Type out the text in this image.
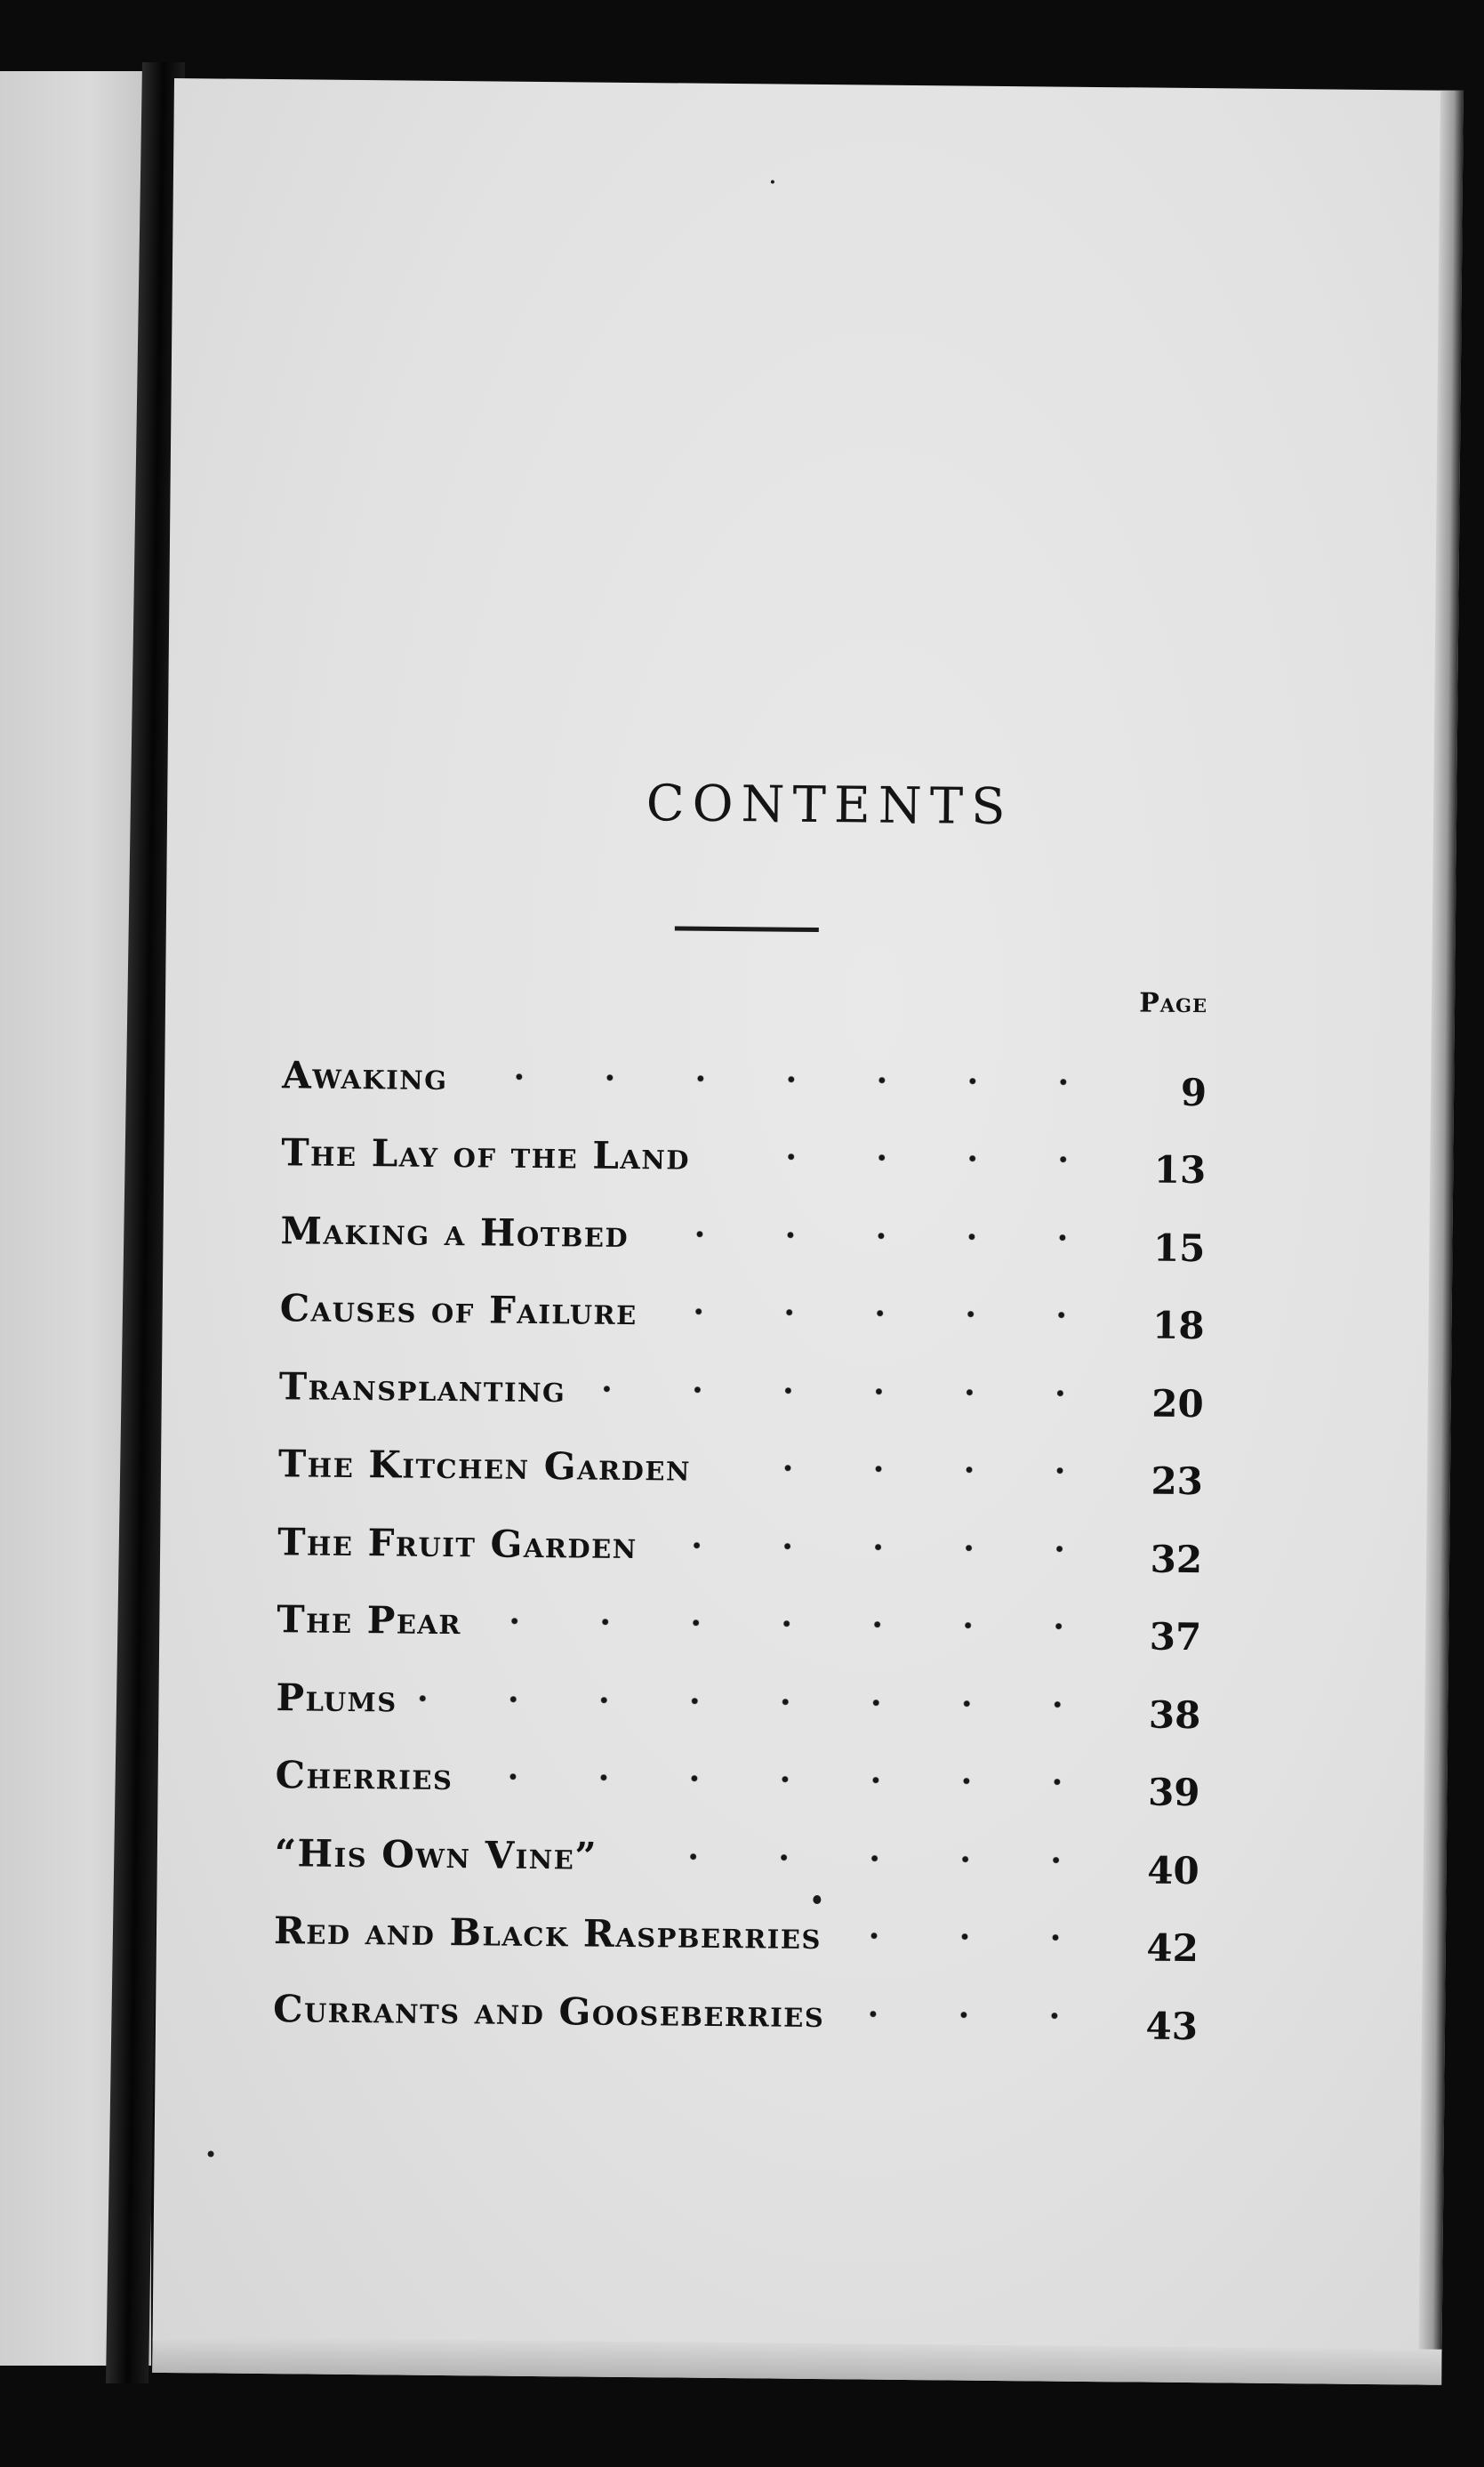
CONTENTS
Page
Awaking	9
The Lay of the Land	13
Making a Hotbed	15
Causes of Failure	18
Transplanting	20
The Kitchen Garden	23
The Fruit Garden	32
The Pear	37
Plums	38
Cherries	39
“His Own Vine”	40
Red and Black Raspberries	42
Currants and Gooseberries	43
